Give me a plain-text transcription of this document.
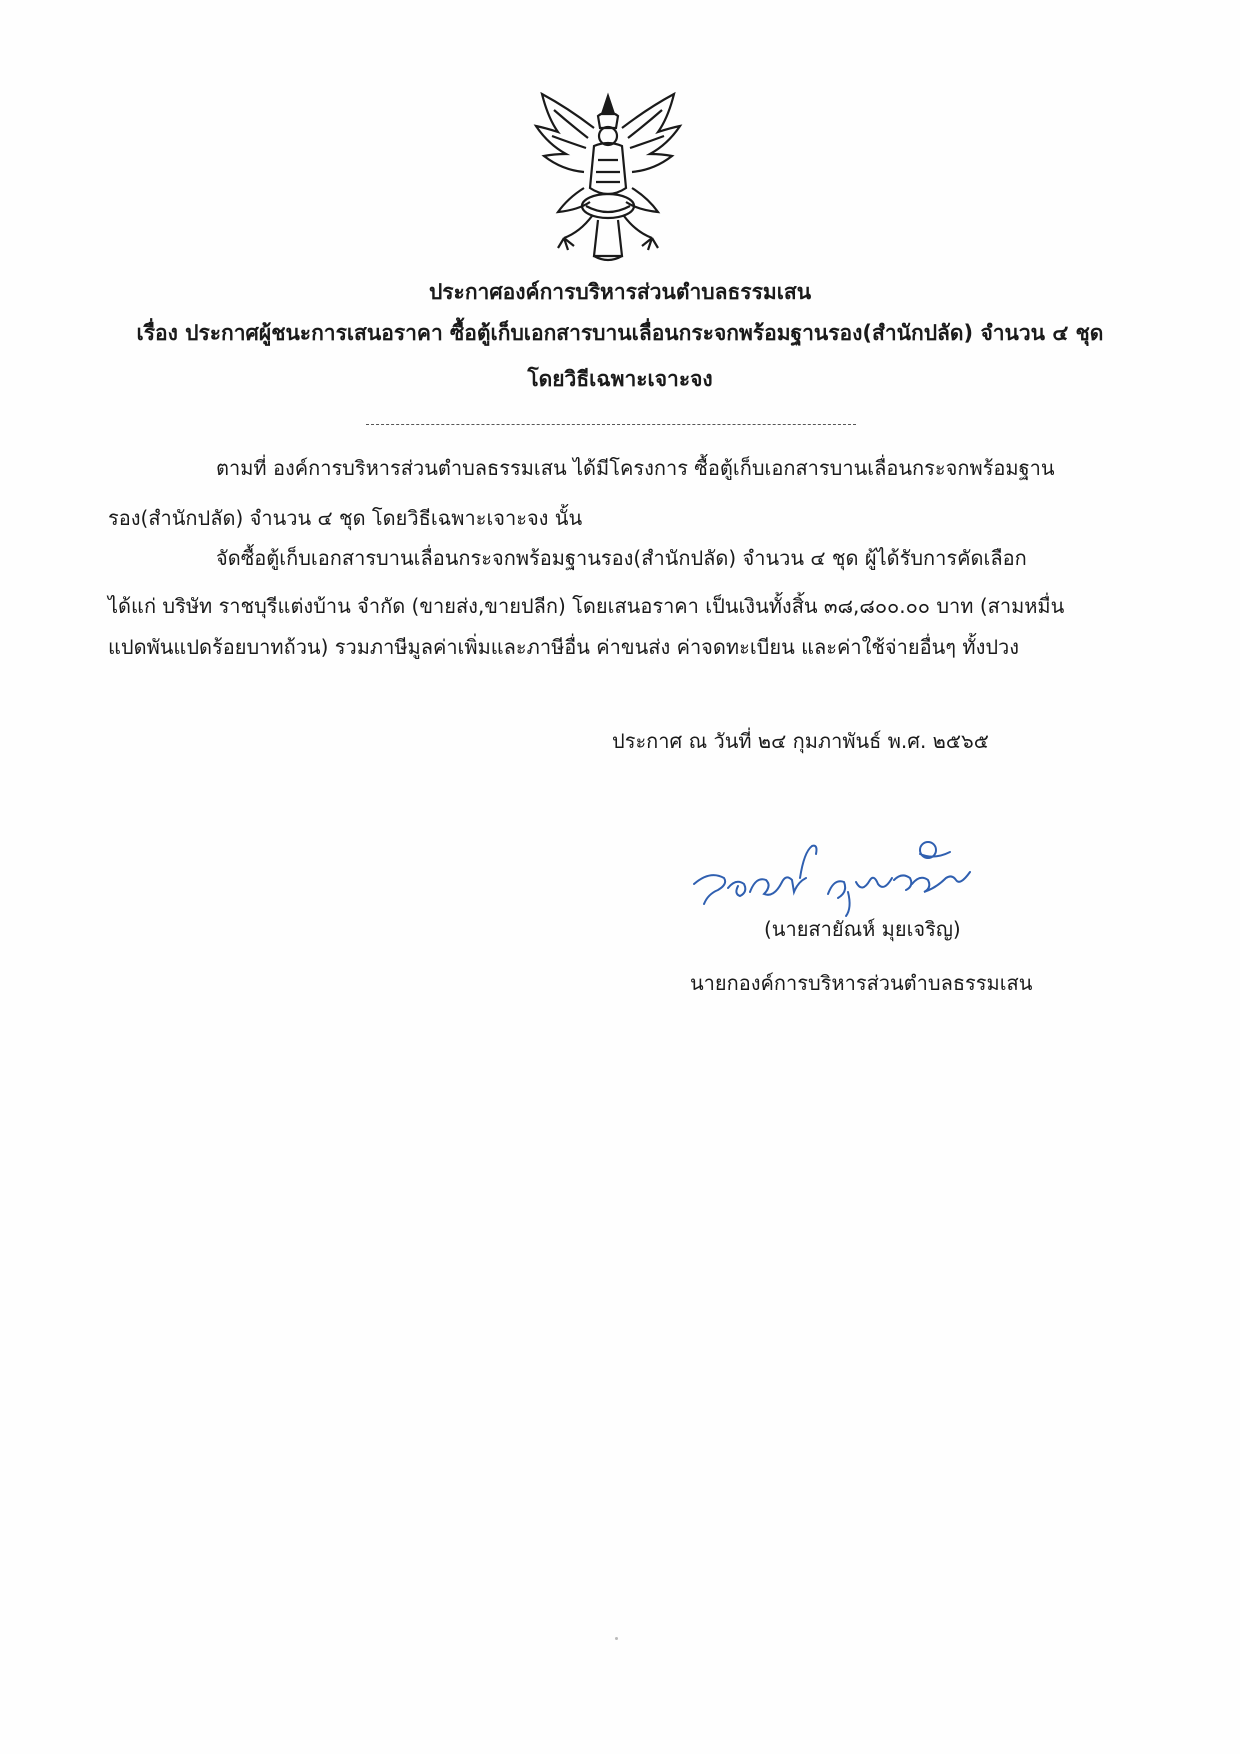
ประกาศองค์การบริหารส่วนตำบลธรรมเสน
เรื่อง ประกาศผู้ชนะการเสนอราคา ซื้อตู้เก็บเอกสารบานเลื่อนกระจกพร้อมฐานรอง(สำนักปลัด) จำนวน ๔ ชุด
โดยวิธีเฉพาะเจาะจง
ตามที่ องค์การบริหารส่วนตำบลธรรมเสน ได้มีโครงการ ซื้อตู้เก็บเอกสารบานเลื่อนกระจกพร้อมฐาน
รอง(สำนักปลัด) จำนวน ๔ ชุด โดยวิธีเฉพาะเจาะจง นั้น
จัดซื้อตู้เก็บเอกสารบานเลื่อนกระจกพร้อมฐานรอง(สำนักปลัด) จำนวน ๔ ชุด ผู้ได้รับการคัดเลือก
ได้แก่ บริษัท ราชบุรีแต่งบ้าน จำกัด (ขายส่ง,ขายปลีก) โดยเสนอราคา เป็นเงินทั้งสิ้น ๓๘,๘๐๐.๐๐ บาท (สามหมื่น
แปดพันแปดร้อยบาทถ้วน) รวมภาษีมูลค่าเพิ่มและภาษีอื่น ค่าขนส่ง ค่าจดทะเบียน และค่าใช้จ่ายอื่นๆ ทั้งปวง
ประกาศ ณ วันที่ ๒๔ กุมภาพันธ์ พ.ศ. ๒๕๖๕
(นายสายัณห์ มุยเจริญ)
นายกองค์การบริหารส่วนตำบลธรรมเสน
